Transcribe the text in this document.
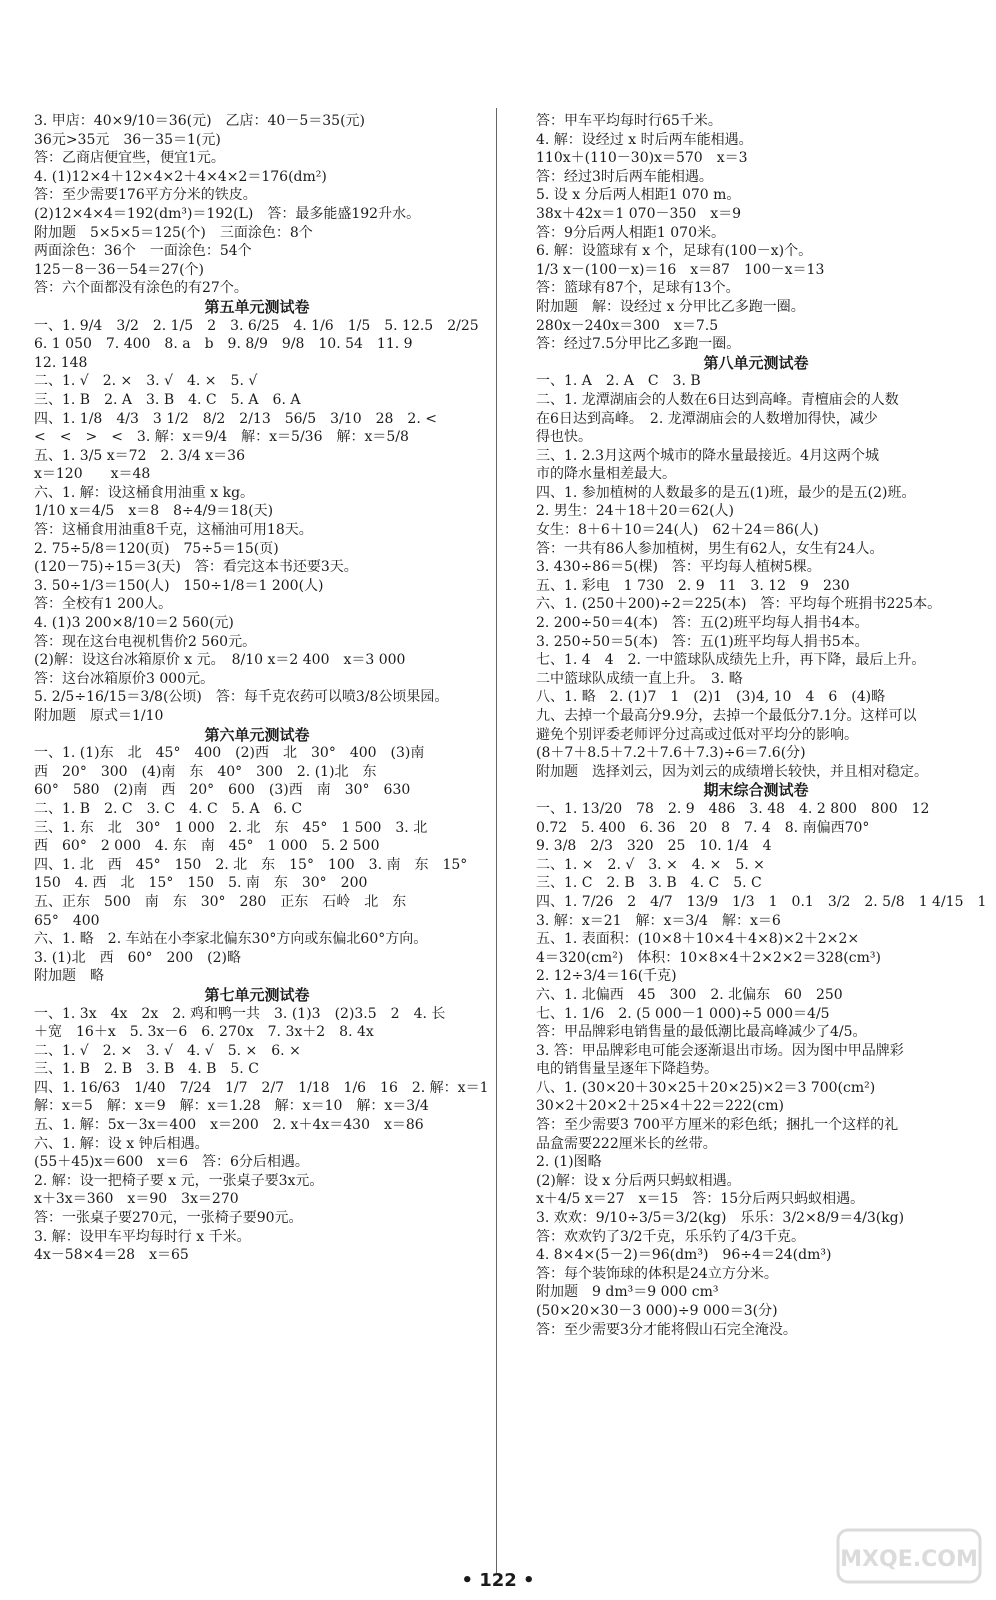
3. 甲店：40×9/10＝36(元)　乙店：40－5＝35(元)
36元>35元　36－35＝1(元)
答：乙商店便宜些，便宜1元。
4. (1)12×4＋12×4×2＋4×4×2＝176(dm²)
答：至少需要176平方分米的铁皮。
(2)12×4×4＝192(dm³)＝192(L)　答：最多能盛192升水。
附加题　5×5×5＝125(个)　三面涂色：8个
两面涂色：36个　一面涂色：54个
125－8－36－54＝27(个)
答：六个面都没有涂色的有27个。
第五单元测试卷
一、1. 9/4　3/2　2. 1/5　2　3. 6/25　4. 1/6　1/5　5. 12.5　2/25
6. 1 050　7. 400　8. a　b　9. 8/9　9/8　10. 54　11. 9
12. 148
二、1. √　2. ×　3. √　4. ×　5. √
三、1. B　2. A　3. B　4. C　5. A　6. A
四、1. 1/8　4/3　3 1/2　8/2　2/13　56/5　3/10　28　2. <
<　<　>　<　3. 解：x＝9/4　解：x＝5/36　解：x＝5/8
五、1. 3/5 x＝72　2. 3/4 x＝36
x＝120　　x＝48
六、1. 解：设这桶食用油重 x kg。
1/10 x＝4/5　x＝8　8÷4/9＝18(天)
答：这桶食用油重8千克，这桶油可用18天。
2. 75÷5/8＝120(页)　75÷5＝15(页)
(120－75)÷15＝3(天)　答：看完这本书还要3天。
3. 50÷1/3＝150(人)　150÷1/8＝1 200(人)
答：全校有1 200人。
4. (1)3 200×8/10＝2 560(元)
答：现在这台电视机售价2 560元。
(2)解：设这台冰箱原价 x 元。　8/10 x＝2 400　x＝3 000
答：这台冰箱原价3 000元。
5. 2/5÷16/15＝3/8(公顷)　答：每千克农药可以喷3/8公顷果园。
附加题　原式＝1/10
第六单元测试卷
一、1. (1)东　北　45°　400　(2)西　北　30°　400　(3)南
西　20°　300　(4)南　东　40°　300　2. (1)北　东
60°　580　(2)南　西　20°　600　(3)西　南　30°　630
二、1. B　2. C　3. C　4. C　5. A　6. C
三、1. 东　北　30°　1 000　2. 北　东　45°　1 500　3. 北
西　60°　2 000　4. 东　南　45°　1 000　5. 2 500
四、1. 北　西　45°　150　2. 北　东　15°　100　3. 南　东　15°
150　4. 西　北　15°　150　5. 南　东　30°　200
五、正东　500　南　东　30°　280　正东　石岭　北　东
65°　400
六、1. 略　2. 车站在小李家北偏东30°方向或东偏北60°方向。
3. (1)北　西　60°　200　(2)略
附加题　略
第七单元测试卷
一、1. 3x　4x　2x　2. 鸡和鸭一共　3. (1)3　(2)3.5　2　4. 长
＋宽　16＋x　5. 3x－6　6. 270x　7. 3x＋2　8. 4x
二、1. √　2. ×　3. √　4. √　5. ×　6. ×
三、1. B　2. B　3. B　4. B　5. C
四、1. 16/63　1/40　7/24　1/7　2/7　1/18　1/6　16　2. 解：x＝1
解：x＝5　解：x＝9　解：x＝1.28　解：x＝10　解：x＝3/4
五、1. 解：5x－3x＝400　x＝200　2. x＋4x＝430　x＝86
六、1. 解：设 x 钟后相遇。
(55＋45)x＝600　x＝6　答：6分后相遇。
2. 解：设一把椅子要 x 元，一张桌子要3x元。
x＋3x＝360　x＝90　3x＝270
答：一张桌子要270元，一张椅子要90元。
3. 解：设甲车平均每时行 x 千米。
4x－58×4＝28　x＝65
答：甲车平均每时行65千米。
4. 解：设经过 x 时后两车能相遇。
110x＋(110－30)x＝570　x＝3
答：经过3时后两车能相遇。
5. 设 x 分后两人相距1 070 m。
38x＋42x＝1 070－350　x＝9
答：9分后两人相距1 070米。
6. 解：设篮球有 x 个，足球有(100－x)个。
1/3 x－(100－x)＝16　x＝87　100－x＝13
答：篮球有87个，足球有13个。
附加题　解：设经过 x 分甲比乙多跑一圈。
280x－240x＝300　x＝7.5
答：经过7.5分甲比乙多跑一圈。
第八单元测试卷
一、1. A　2. A　C　3. B
二、1. 龙潭湖庙会的人数在6日达到高峰。青檀庙会的人数
在6日达到高峰。　2. 龙潭湖庙会的人数增加得快，减少
得也快。
三、1. 2.3月这两个城市的降水量最接近。4月这两个城
市的降水量相差最大。
四、1. 参加植树的人数最多的是五(1)班，最少的是五(2)班。
2. 男生：24＋18＋20＝62(人)
女生：8＋6＋10＝24(人)　62＋24＝86(人)
答：一共有86人参加植树，男生有62人，女生有24人。
3. 430÷86＝5(棵)　答：平均每人植树5棵。
五、1. 彩电　1 730　2. 9　11　3. 12　9　230
六、1. (250＋200)÷2＝225(本)　答：平均每个班捐书225本。
2. 200÷50＝4(本)　答：五(2)班平均每人捐书4本。
3. 250÷50＝5(本)　答：五(1)班平均每人捐书5本。
七、1. 4　4　2. 一中篮球队成绩先上升，再下降，最后上升。
二中篮球队成绩一直上升。　3. 略
八、1. 略　2. (1)7　1　(2)1　(3)4, 10　4　6　(4)略
九、去掉一个最高分9.9分，去掉一个最低分7.1分。这样可以
避免个别评委老师评分过高或过低对平均分的影响。
(8＋7＋8.5＋7.2＋7.6＋7.3)÷6＝7.6(分)
附加题　选择刘云，因为刘云的成绩增长较快，并且相对稳定。
期末综合测试卷
一、1. 13/20　78　2. 9　486　3. 48　4. 2 800　800　12
0.72　5. 400　6. 36　20　8　7. 4　8. 南偏西70°
9. 3/8　2/3　320　25　10. 1/4　4
二、1. ×　2. √　3. ×　4. ×　5. ×
三、1. C　2. B　3. B　4. C　5. C
四、1. 7/26　2　4/7　13/9　1/3　1　0.1　3/2　2. 5/8　1 4/15　1
3. 解：x＝21　解：x＝3/4　解：x＝6
五、1. 表面积：(10×8＋10×4＋4×8)×2＋2×2×
4＝320(cm²)　体积：10×8×4＋2×2×2＝328(cm³)
2. 12÷3/4＝16(千克)
六、1. 北偏西　45　300　2. 北偏东　60　250
七、1. 1/6　2. (5 000－1 000)÷5 000＝4/5
答：甲品牌彩电销售量的最低潮比最高峰减少了4/5。
3. 答：甲品牌彩电可能会逐渐退出市场。因为图中甲品牌彩
电的销售量呈逐年下降趋势。
八、1. (30×20＋30×25＋20×25)×2＝3 700(cm²)
30×2＋20×2＋25×4＋22＝222(cm)
答：至少需要3 700平方厘米的彩色纸；捆扎一个这样的礼
品盒需要222厘米长的丝带。
2. (1)图略
(2)解：设 x 分后两只蚂蚁相遇。
x＋4/5 x＝27　x＝15　答：15分后两只蚂蚁相遇。
3. 欢欢：9/10÷3/5＝3/2(kg)　乐乐：3/2×8/9＝4/3(kg)
答：欢欢钓了3/2千克，乐乐钓了4/3千克。
4. 8×4×(5－2)＝96(dm³)　96÷4＝24(dm³)
答：每个装饰球的体积是24立方分米。
附加题　9 dm³＝9 000 cm³
(50×20×30－3 000)÷9 000＝3(分)
答：至少需要3分才能将假山石完全淹没。
• 122 •
MXQE.COM
